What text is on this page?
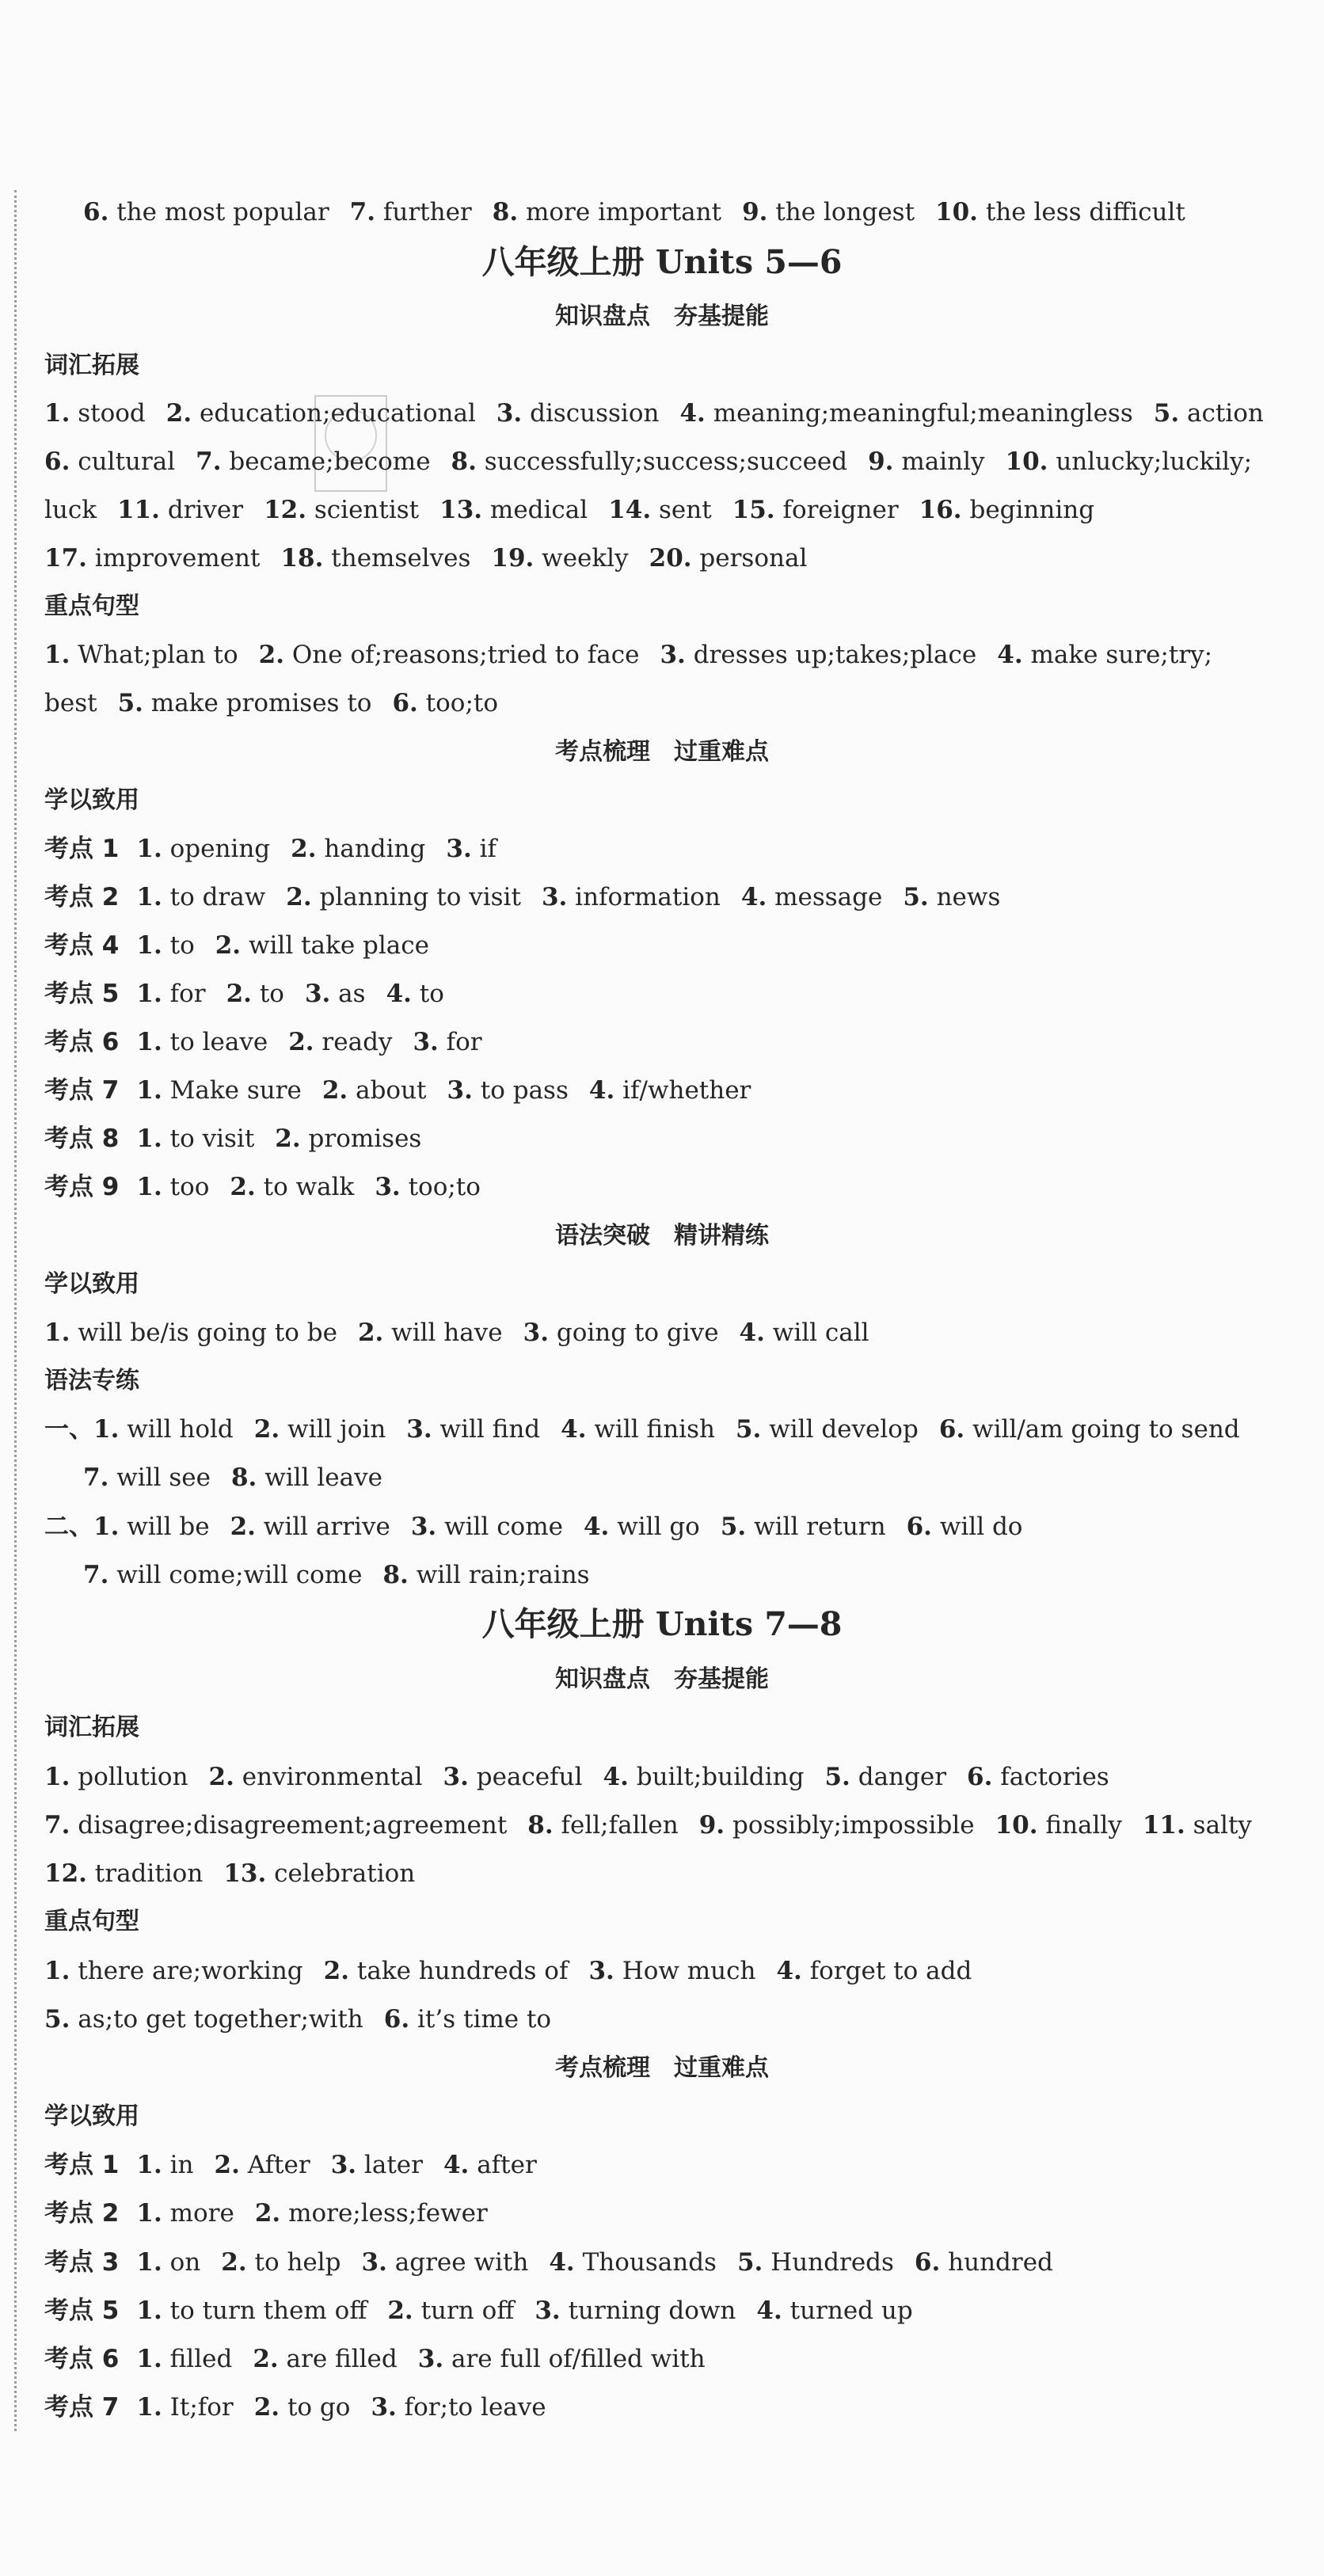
6. the most popular 7. further 8. more important 9. the longest 10. the less difficult
八年级上册 Units 5—6
知识盘点　夯基提能
词汇拓展
1. stood 2. education;educational 3. discussion 4. meaning;meaningful;meaningless 5. action
6. cultural 7. became;become 8. successfully;success;succeed 9. mainly 10. unlucky;luckily;
luck 11. driver 12. scientist 13. medical 14. sent 15. foreigner 16. beginning
17. improvement 18. themselves 19. weekly 20. personal
重点句型
1. What;plan to 2. One of;reasons;tried to face 3. dresses up;takes;place 4. make sure;try;
best 5. make promises to 6. too;to
考点梳理　过重难点
学以致用
考点 1 1. opening 2. handing 3. if
考点 2 1. to draw 2. planning to visit 3. information 4. message 5. news
考点 4 1. to 2. will take place
考点 5 1. for 2. to 3. as 4. to
考点 6 1. to leave 2. ready 3. for
考点 7 1. Make sure 2. about 3. to pass 4. if/whether
考点 8 1. to visit 2. promises
考点 9 1. too 2. to walk 3. too;to
语法突破　精讲精练
学以致用
1. will be/is going to be 2. will have 3. going to give 4. will call
语法专练
一、1. will hold 2. will join 3. will find 4. will finish 5. will develop 6. will/am going to send
7. will see 8. will leave
二、1. will be 2. will arrive 3. will come 4. will go 5. will return 6. will do
7. will come;will come 8. will rain;rains
八年级上册 Units 7—8
知识盘点　夯基提能
词汇拓展
1. pollution 2. environmental 3. peaceful 4. built;building 5. danger 6. factories
7. disagree;disagreement;agreement 8. fell;fallen 9. possibly;impossible 10. finally 11. salty
12. tradition 13. celebration
重点句型
1. there are;working 2. take hundreds of 3. How much 4. forget to add
5. as;to get together;with 6. it’s time to
考点梳理　过重难点
学以致用
考点 1 1. in 2. After 3. later 4. after
考点 2 1. more 2. more;less;fewer
考点 3 1. on 2. to help 3. agree with 4. Thousands 5. Hundreds 6. hundred
考点 5 1. to turn them off 2. turn off 3. turning down 4. turned up
考点 6 1. filled 2. are filled 3. are full of/filled with
考点 7 1. It;for 2. to go 3. for;to leave
